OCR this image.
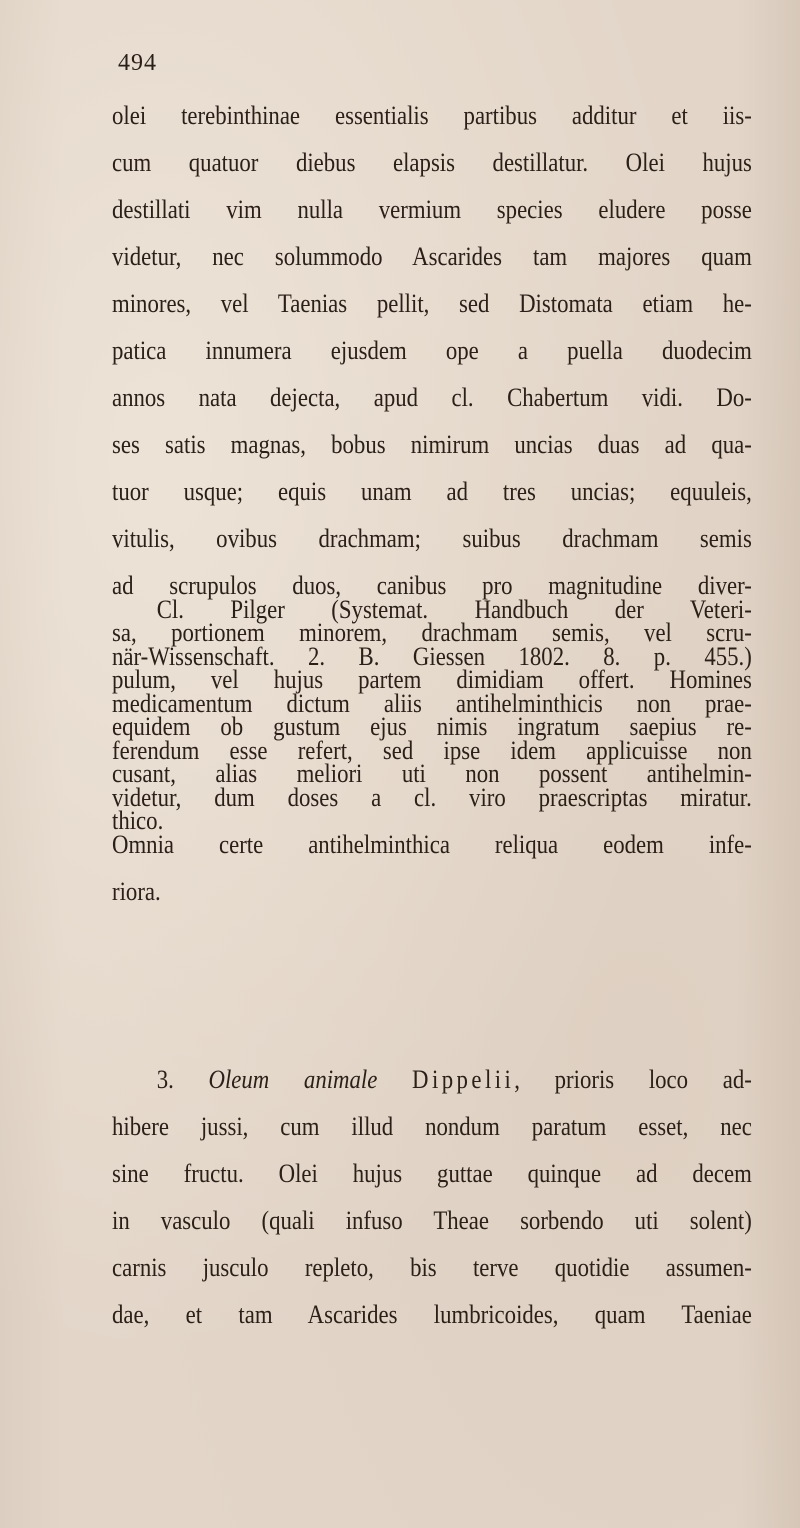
494
olei terebinthinae essentialis partibus additur et iis-
cum quatuor diebus elapsis destillatur. Olei hujus
destillati vim nulla vermium species eludere posse
videtur, nec solummodo Ascarides tam majores quam
minores, vel Taenias pellit, sed Distomata etiam he-
patica innumera ejusdem ope a puella duodecim
annos nata dejecta, apud cl. Chabertum vidi. Do-
ses satis magnas, bobus nimirum uncias duas ad qua-
tuor usque; equis unam ad tres uncias; equuleis,
vitulis, ovibus drachmam; suibus drachmam semis
ad scrupulos duos, canibus pro magnitudine diver-
sa, portionem minorem, drachmam semis, vel scru-
pulum, vel hujus partem dimidiam offert. Homines
equidem ob gustum ejus nimis ingratum saepius re-
cusant, alias meliori uti non possent antihelmin-
thico.
Cl. Pilger (Systemat. Handbuch der Veteri-
när-Wissenschaft. 2. B. Giessen 1802. 8. p. 455.)
medicamentum dictum aliis antihelminthicis non prae-
ferendum esse refert, sed ipse idem applicuisse non
videtur, dum doses a cl. viro praescriptas miratur.
Omnia certe antihelminthica reliqua eodem infe-
riora.
3. Oleum animale Dippelii, prioris loco ad-
hibere jussi, cum illud nondum paratum esset, nec
sine fructu. Olei hujus guttae quinque ad decem
in vasculo (quali infuso Theae sorbendo uti solent)
carnis jusculo repleto, bis terve quotidie assumen-
dae, et tam Ascarides lumbricoides, quam Taeniae
